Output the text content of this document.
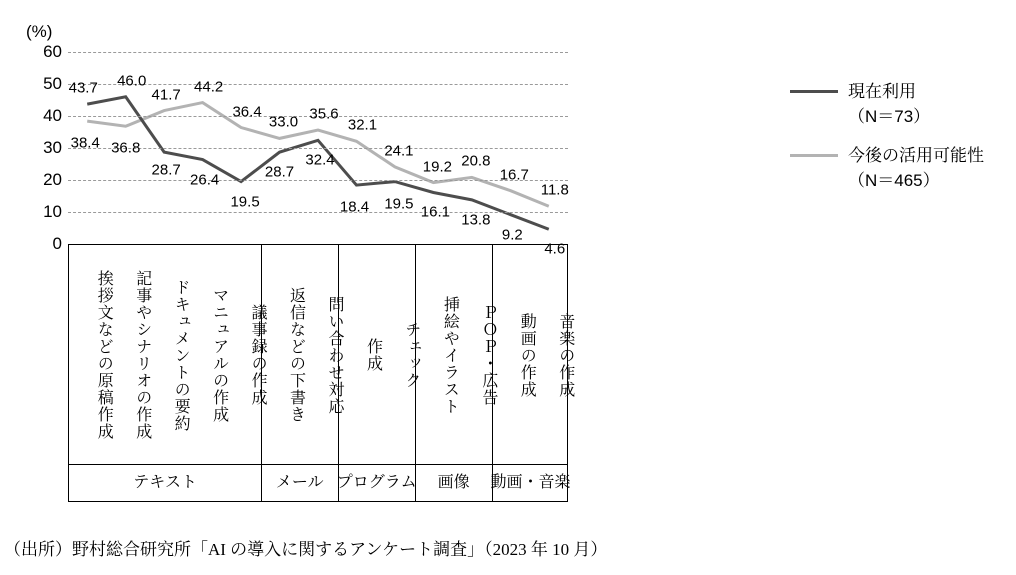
(%)
0
10
20
30
40
50
60
43.7 46.0
28.7
26.4
19.5
28.7
32.4
18.4 19.5
16.1 13.8
9.2
4.6
38.4 36.8
41.7 44.2
36.4
33.0 35.6
32.1
24.1
19.2 20.8
16.7
11.8
挨拶文などの原稿作成	記事やシナリオの作成	ドキュメントの要約	マニュアルの作成	議事録の作成	返信などの下書き	問い合わせ対応	作成	チェック	挿絵やイラスト	ＰＯＰ・広告	動画の作成	音楽の作成
テキスト	メール プログラム 画像 動画・音楽
現在利用
（N＝73）
今後の活用可能性
（N＝465）
（出所）野村総合研究所「AI の導入に関するアンケート調査」（2023 年 10 月）
